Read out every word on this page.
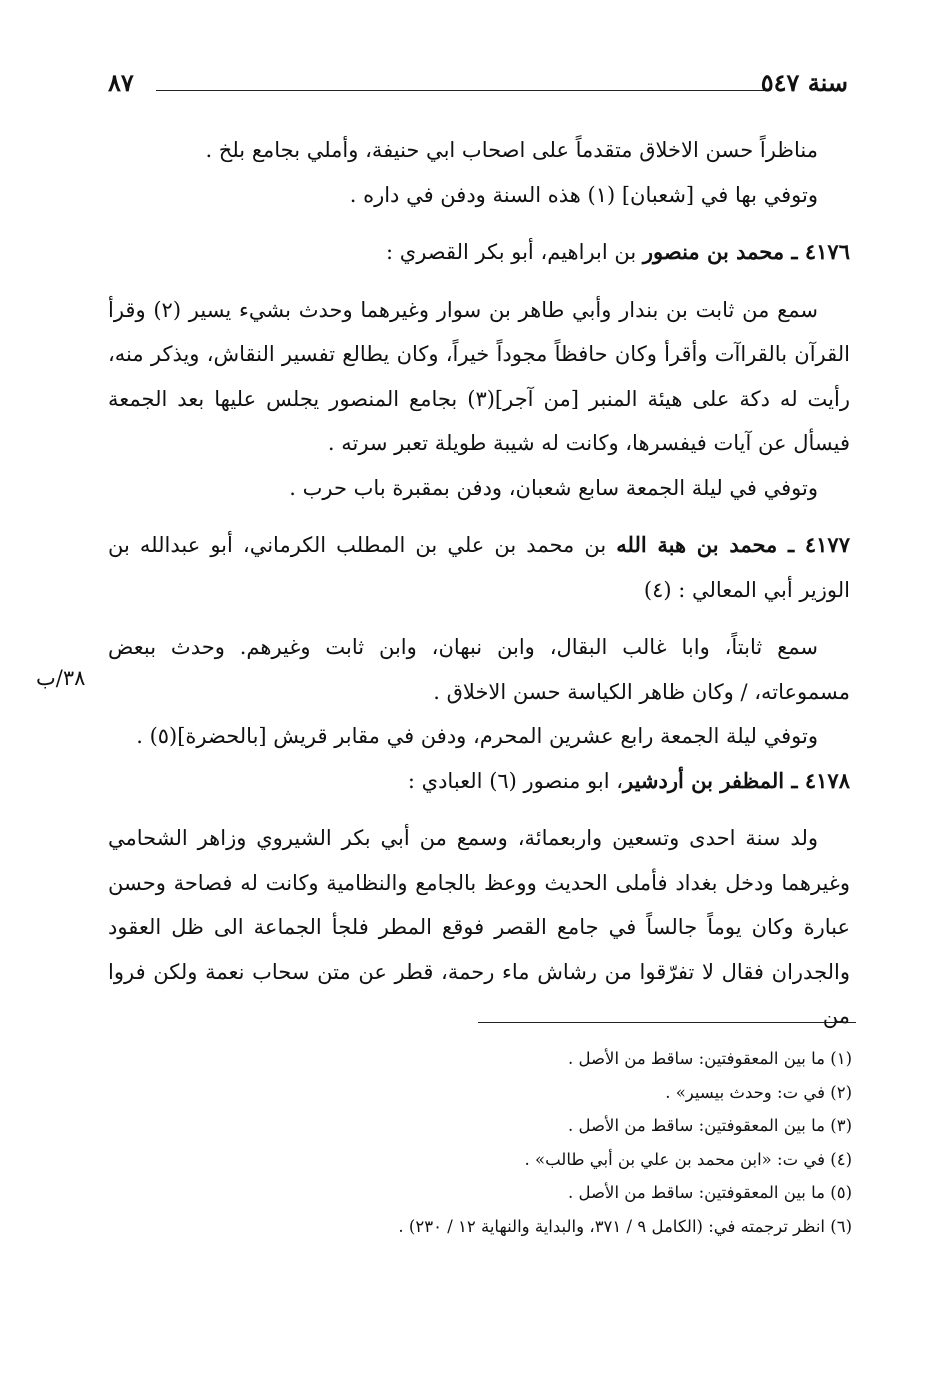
سنة ٥٤٧
٨٧
٣٨/ب

مناظراً حسن الاخلاق متقدماً على اصحاب ابي حنيفة، وأملي بجامع بلخ .

وتوفي بها في [شعبان] (١) هذه السنة ودفن في داره .

٤١٧٦ ـ محمد بن منصور بن ابراهيم، أبو بكر القصري :

سمع من ثابت بن بندار وأبي طاهر بن سوار وغيرهما وحدث بشيء يسير (٢) وقرأ القرآن بالقراآت وأقرأ وكان حافظاً مجوداً خيراً، وكان يطالع تفسير النقاش، ويذكر منه، رأيت له دكة على هيئة المنبر [من آجر](٣) بجامع المنصور يجلس عليها بعد الجمعة فيسأل عن آيات فيفسرها، وكانت له شيبة طويلة تعبر سرته .

وتوفي في ليلة الجمعة سابع شعبان، ودفن بمقبرة باب حرب .

٤١٧٧ ـ محمد بن هبة الله بن محمد بن علي بن المطلب الكرماني، أبو عبدالله بن الوزير أبي المعالي : (٤)

سمع ثابتاً، وابا غالب البقال، وابن نبهان، وابن ثابت وغيرهم. وحدث ببعض مسموعاته، / وكان ظاهر الكياسة حسن الاخلاق .

وتوفي ليلة الجمعة رابع عشرين المحرم، ودفن في مقابر قريش [بالحضرة](٥) .

٤١٧٨ ـ المظفر بن أردشير، ابو منصور (٦) العبادي :

ولد سنة احدى وتسعين واربعمائة، وسمع من أبي بكر الشيروي وزاهر الشحامي وغيرهما ودخل بغداد فأملى الحديث ووعظ بالجامع والنظامية وكانت له فصاحة وحسن عبارة وكان يوماً جالساً في جامع القصر فوقع المطر فلجأ الجماعة الى ظل العقود والجدران فقال لا تفرّقوا من رشاش ماء رحمة، قطر عن متن سحاب نعمة ولكن فروا من

(١) ما بين المعقوفتين: ساقط من الأصل .

(٢) في ت: وحدث بيسير» .

(٣) ما بين المعقوفتين: ساقط من الأصل .

(٤) في ت: «ابن محمد بن علي بن أبي طالب» .

(٥) ما بين المعقوفتين: ساقط من الأصل .

(٦) انظر ترجمته في: (الكامل ٩ / ٣٧١، والبداية والنهاية ١٢ / ٢٣٠) .
